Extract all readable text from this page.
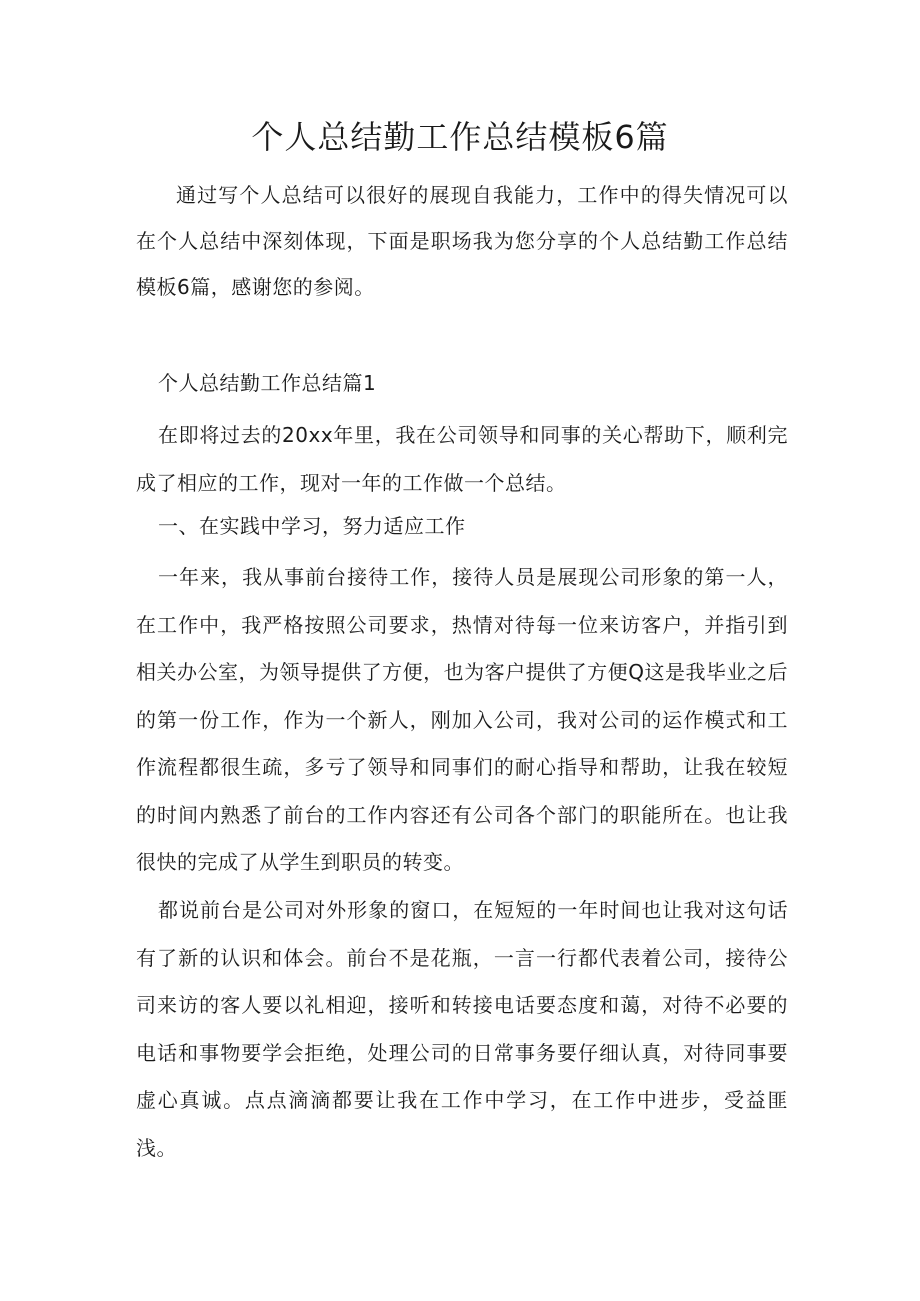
个人总结勤工作总结模板6篇

通过写个人总结可以很好的展现自我能力，工作中的得失情况可以在个人总结中深刻体现，下面是职场我为您分享的个人总结勤工作总结模板6篇，感谢您的参阅。

个人总结勤工作总结篇1

在即将过去的20xx年里，我在公司领导和同事的关心帮助下，顺利完成了相应的工作，现对一年的工作做一个总结。

一、在实践中学习，努力适应工作

一年来，我从事前台接待工作，接待人员是展现公司形象的第一人，在工作中，我严格按照公司要求，热情对待每一位来访客户，并指引到相关办公室，为领导提供了方便，也为客户提供了方便Q这是我毕业之后的第一份工作，作为一个新人，刚加入公司，我对公司的运作模式和工作流程都很生疏，多亏了领导和同事们的耐心指导和帮助，让我在较短的时间内熟悉了前台的工作内容还有公司各个部门的职能所在。也让我很快的完成了从学生到职员的转变。

都说前台是公司对外形象的窗口，在短短的一年时间也让我对这句话有了新的认识和体会。前台不是花瓶，一言一行都代表着公司，接待公司来访的客人要以礼相迎，接听和转接电话要态度和蔼，对待不必要的电话和事物要学会拒绝，处理公司的日常事务要仔细认真，对待同事要虚心真诚。点点滴滴都要让我在工作中学习，在工作中进步，受益匪浅。
